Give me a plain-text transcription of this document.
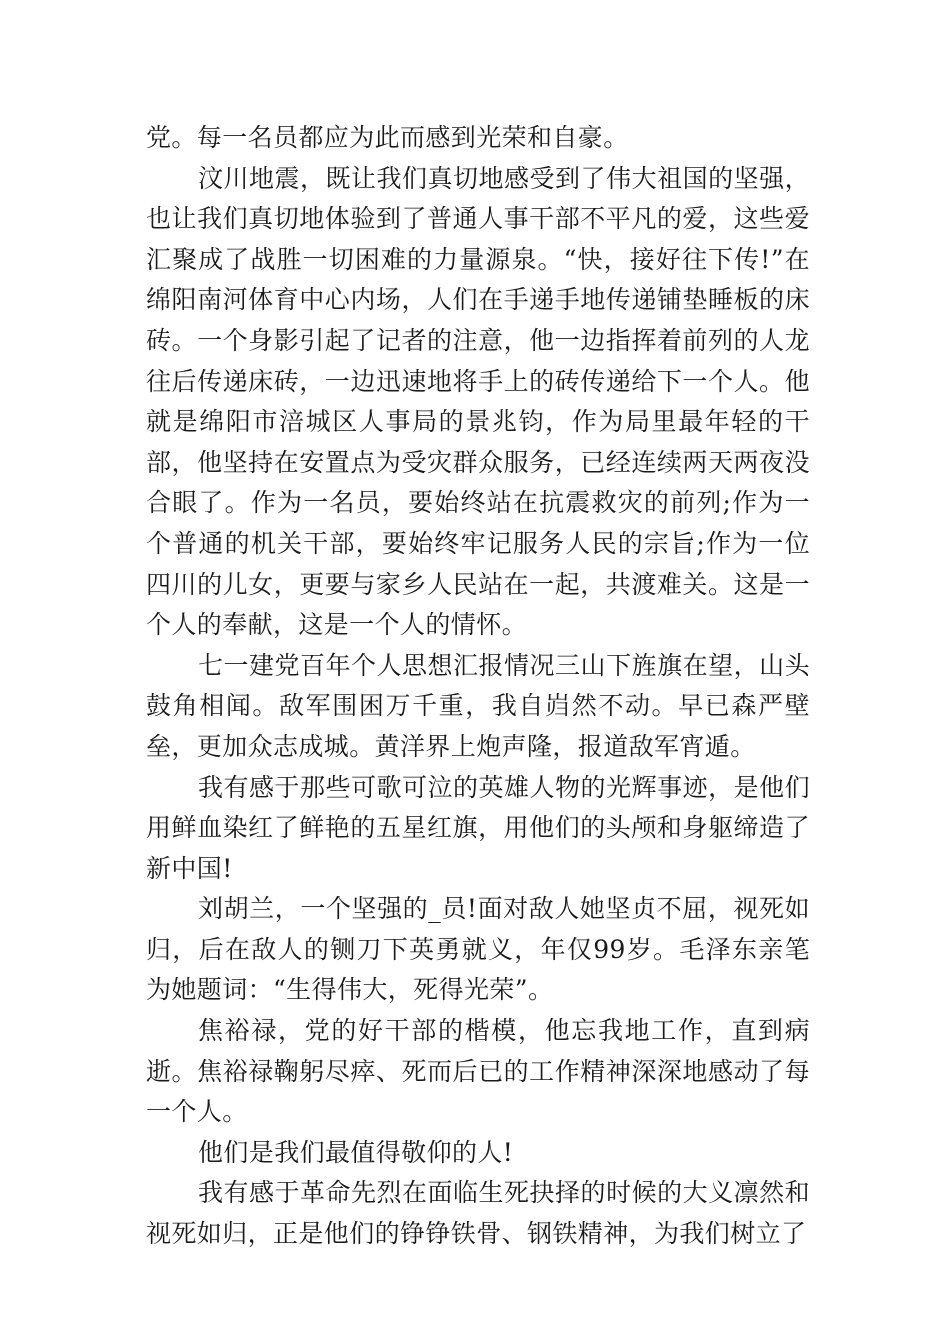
党。每一名员都应为此而感到光荣和自豪。

汶川地震，既让我们真切地感受到了伟大祖国的坚强，也让我们真切地体验到了普通人事干部不平凡的爱，这些爱汇聚成了战胜一切困难的力量源泉。“快，接好往下传!”在绵阳南河体育中心内场，人们在手递手地传递铺垫睡板的床砖。一个身影引起了记者的注意，他一边指挥着前列的人龙往后传递床砖，一边迅速地将手上的砖传递给下一个人。他就是绵阳市涪城区人事局的景兆钧，作为局里最年轻的干部，他坚持在安置点为受灾群众服务，已经连续两天两夜没合眼了。作为一名员，要始终站在抗震救灾的前列;作为一个普通的机关干部，要始终牢记服务人民的宗旨;作为一位四川的儿女，更要与家乡人民站在一起，共渡难关。这是一个人的奉献，这是一个人的情怀。

七一建党百年个人思想汇报情况三山下旌旗在望，山头鼓角相闻。敌军围困万千重，我自岿然不动。早已森严壁垒，更加众志成城。黄洋界上炮声隆，报道敌军宵遁。

我有感于那些可歌可泣的英雄人物的光辉事迹，是他们用鲜血染红了鲜艳的五星红旗，用他们的头颅和身躯缔造了新中国!

刘胡兰，一个坚强的_员!面对敌人她坚贞不屈，视死如归，后在敌人的铡刀下英勇就义，年仅99岁。毛泽东亲笔为她题词：“生得伟大，死得光荣”。

焦裕禄，党的好干部的楷模，他忘我地工作，直到病逝。焦裕禄鞠躬尽瘁、死而后已的工作精神深深地感动了每一个人。

他们是我们最值得敬仰的人!

我有感于革命先烈在面临生死抉择的时候的大义凛然和视死如归，正是他们的铮铮铁骨、钢铁精神，为我们树立了
